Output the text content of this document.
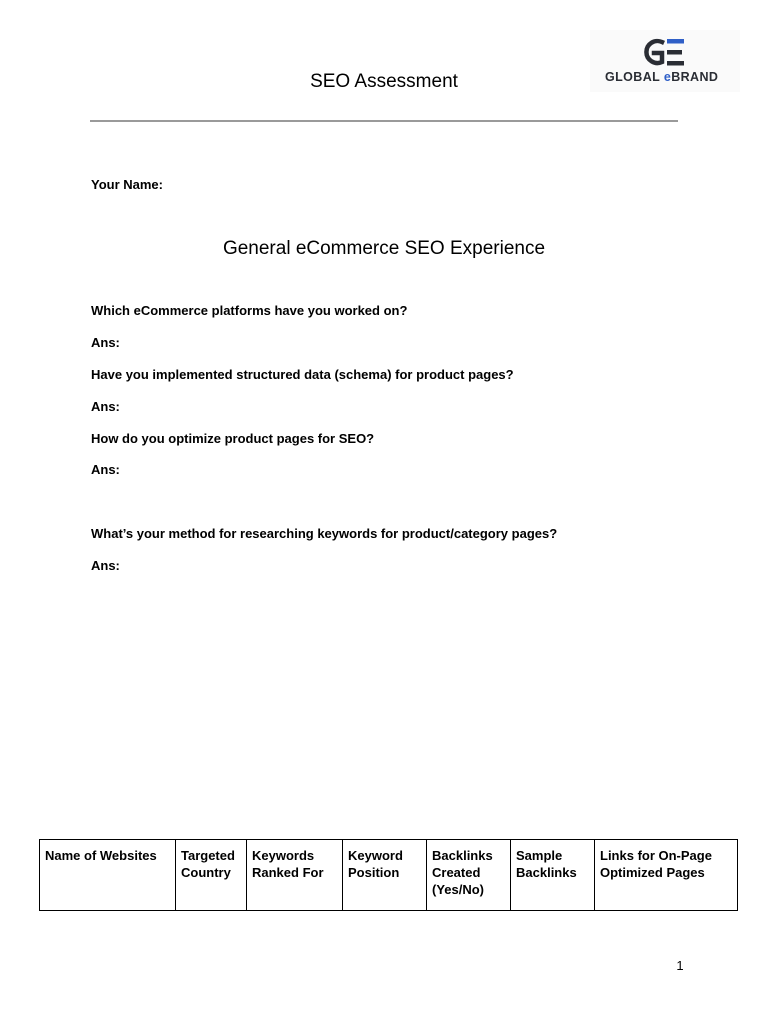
GLOBAL eBRAND
SEO Assessment
Your Name:
General eCommerce SEO Experience
Which eCommerce platforms have you worked on?
Ans:
Have you implemented structured data (schema) for product pages?
Ans:
How do you optimize product pages for SEO?
Ans:
What’s your method for researching keywords for product/category pages?
Ans:
Name of Websites	Targeted Country	Keywords Ranked For	Keyword Position	Backlinks Created (Yes/No)	Sample Backlinks	Links for On-Page Optimized Pages
1
